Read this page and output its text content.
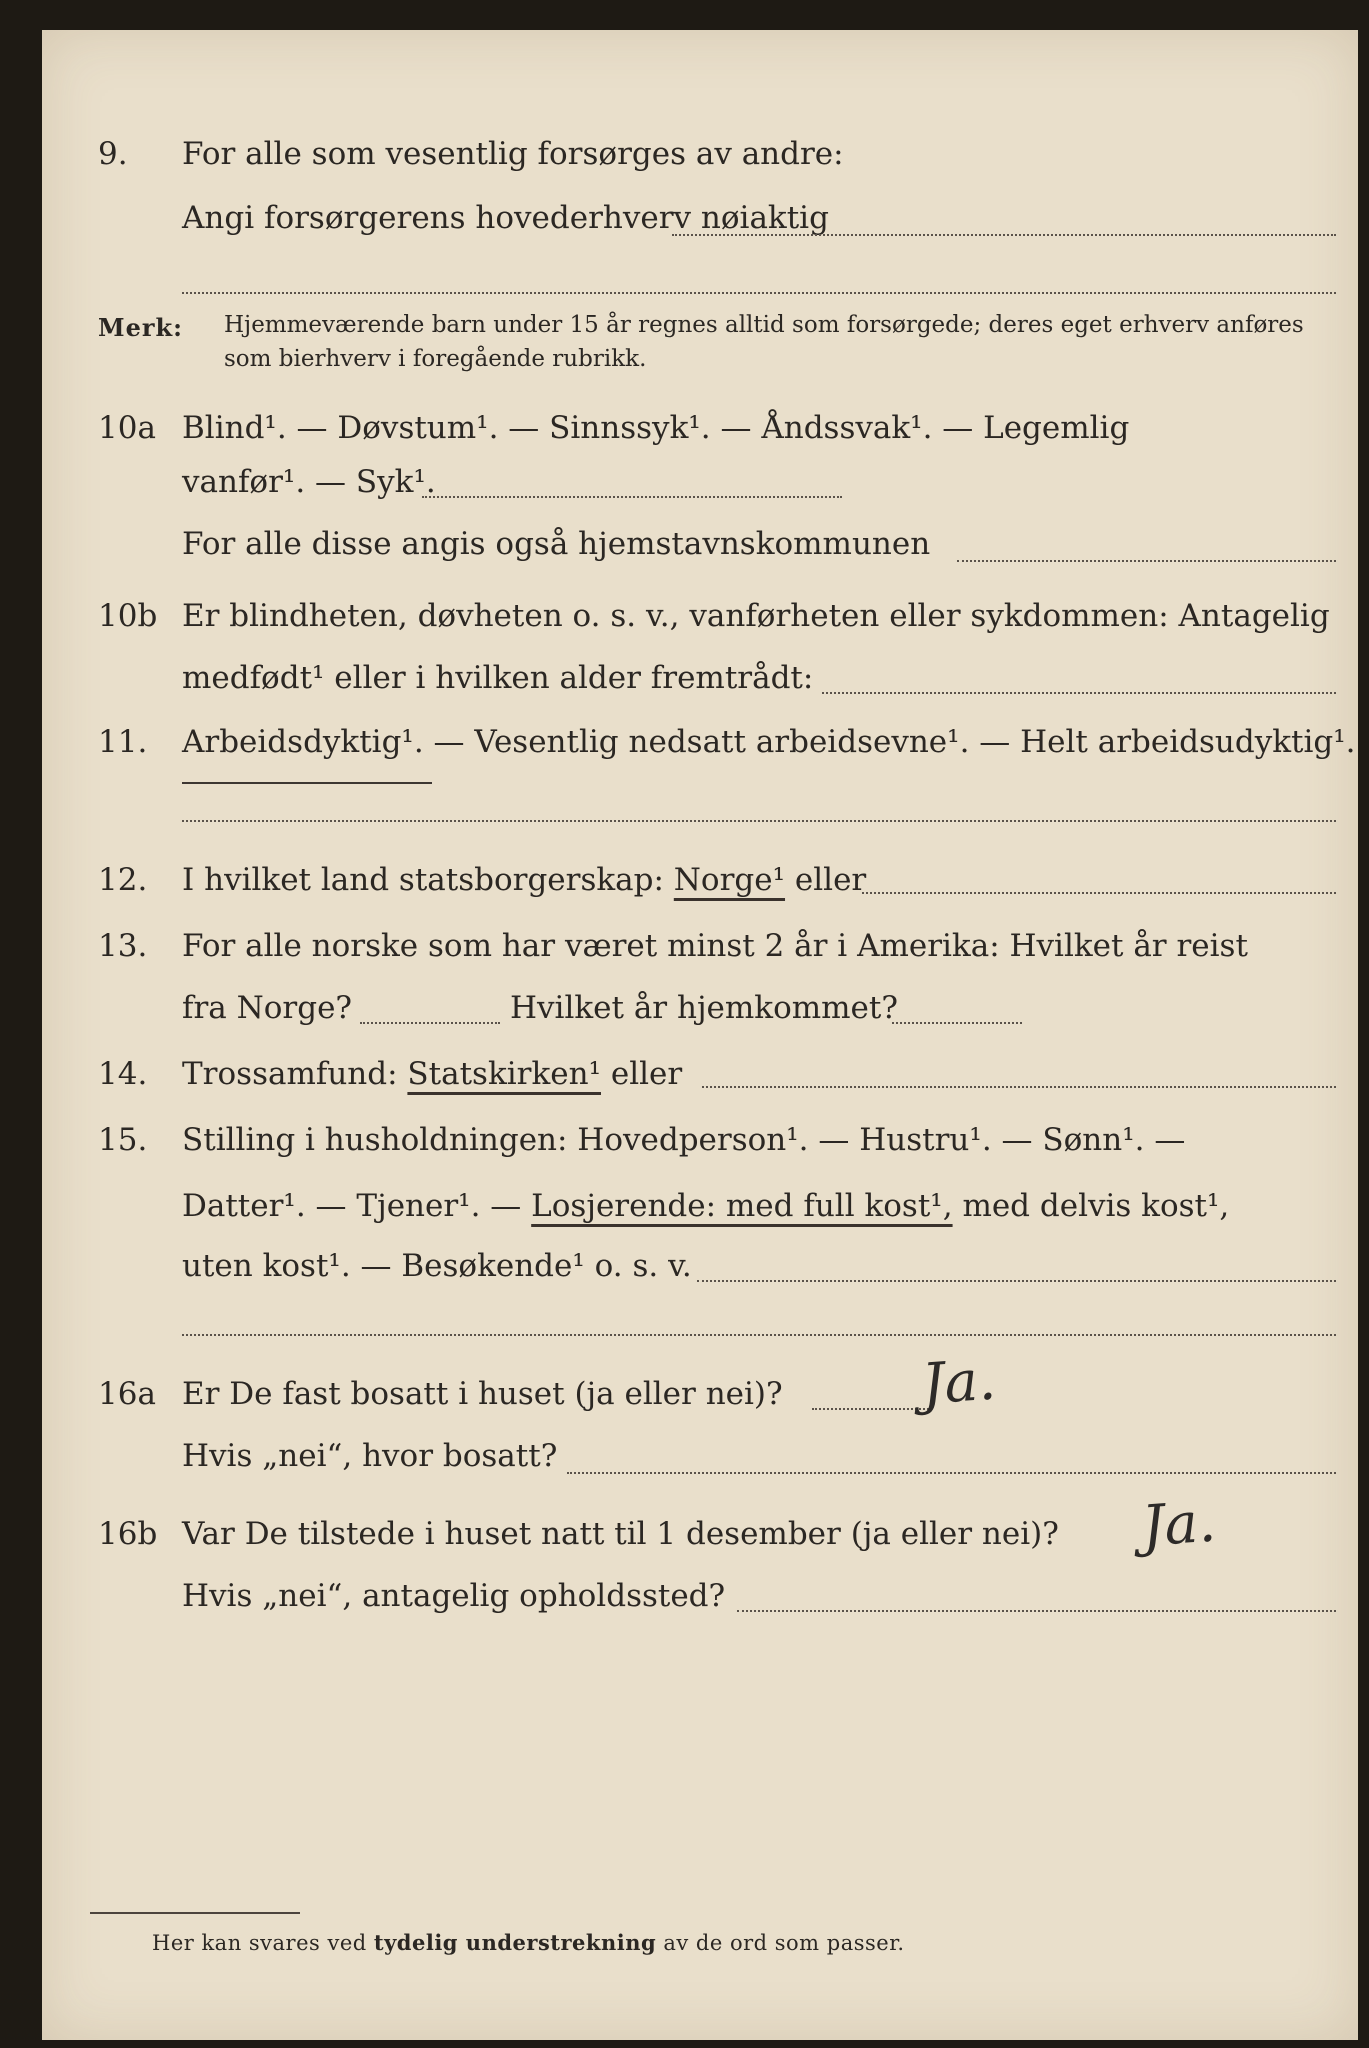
9. For alle som vesentlig forsørges av andre:
Angi forsørgerens hovederhverv nøiaktig
Merk: Hjemmeværende barn under 15 år regnes alltid som forsørgede; deres eget erhverv anføres som bierhverv i foregående rubrikk.
10a Blind¹. — Døvstum¹. — Sinnssyk¹. — Åndssvak¹. — Legemlig
vanfør¹. — Syk¹.
For alle disse angis også hjemstavnskommunen
10b Er blindheten, døvheten o. s. v., vanførheten eller sykdommen: Antagelig
medfødt¹ eller i hvilken alder fremtrådt:
11. Arbeidsdyktig¹. — Vesentlig nedsatt arbeidsevne¹. — Helt arbeidsudyktig¹.
12. I hvilket land statsborgerskap: Norge¹ eller
13. For alle norske som har været minst 2 år i Amerika: Hvilket år reist
fra Norge?	Hvilket år hjemkommet?
14. Trossamfund: Statskirken¹ eller
15. Stilling i husholdningen: Hovedperson¹. — Hustru¹. — Sønn¹. —
Datter¹. — Tjener¹. — Losjerende: med full kost¹, med delvis kost¹,
uten kost¹. — Besøkende¹ o. s. v.
16a Er De fast bosatt i huset (ja eller nei)? Ja.
Hvis „nei“, hvor bosatt?
16b Var De tilstede i huset natt til 1 desember (ja eller nei)? Ja.
Hvis „nei“, antagelig opholdssted?
Her kan svares ved tydelig understrekning av de ord som passer.
